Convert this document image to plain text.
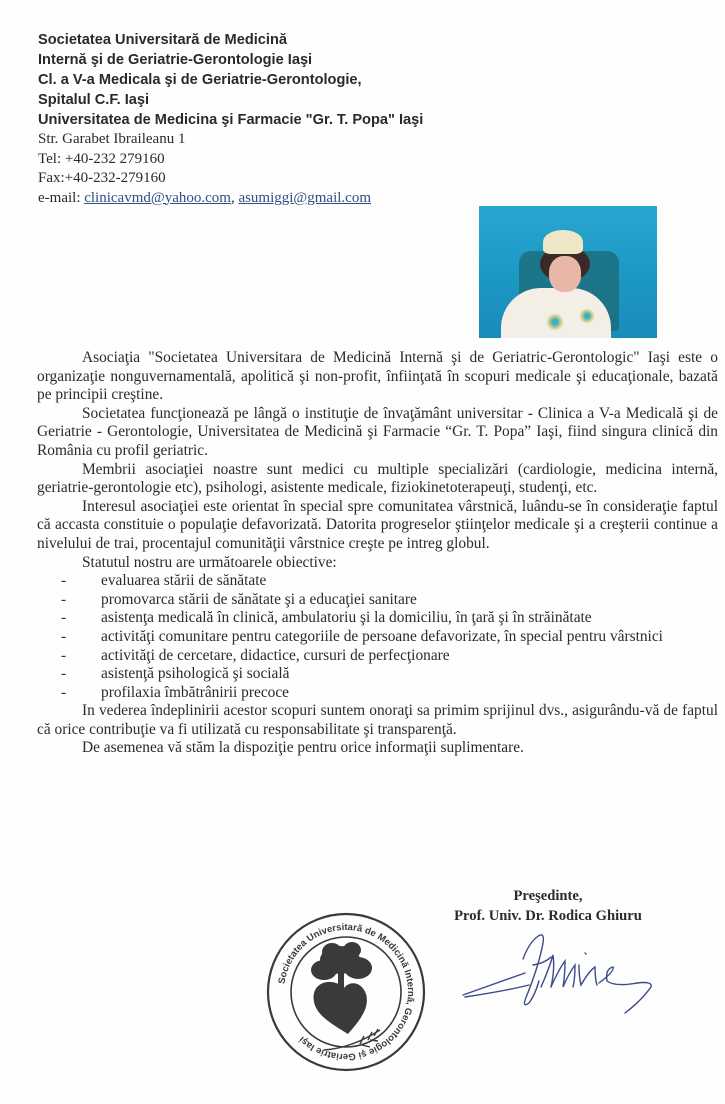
Societatea Universitară de Medicină
Internă şi de Geriatrie-Gerontologie Iaşi
Cl. a V-a Medicala şi de Geriatrie-Gerontologie,
Spitalul C.F. Iaşi
Universitatea de Medicina şi Farmacie "Gr. T. Popa" Iaşi
Str. Garabet Ibraileanu 1
Tel: +40-232 279160
Fax:+40-232-279160
e-mail: clinicavmd@yahoo.com, asumiggi@gmail.com

Asociaţia "Societatea Universitara de Medicină Internă şi de Geriatric-Gerontologic" Iaşi este o organizaţie nonguvernamentală, apolitică şi non-profit, înfiinţată în scopuri medicale şi educaţionale, bazată pe principii creştine.

Societatea funcţionează pe lângă o instituţie de învaţământ universitar - Clinica a V-a Medicală şi de Geriatrie - Gerontologie, Universitatea de Medicină şi Farmacie “Gr. T. Popa” Iaşi, fiind singura clinică din România cu profil geriatric.

Membrii asociaţiei noastre sunt medici cu multiple specializări (cardiologie, medicina internă, geriatrie-gerontologie etc), psihologi, asistente medicale, fiziokinetoterapeuţi, studenţi, etc.

Interesul asociaţiei este orientat în special spre comunitatea vârstnică, luându-se în consideraţie faptul că accasta constituie o populaţie defavorizată. Datorita progreselor ştiinţelor medicale şi a creşterii continue a nivelului de trai, procentajul comunităţii vârstnice creşte pe intreg globul.

Statutul nostru are următoarele obiective:

- evaluarea stării de sănătate
- promovarca stării de sănătate şi a educaţiei sanitare
- asistenţa medicală în clinică, ambulatoriu şi la domiciliu, în ţară şi în străinătate
- activităţi comunitare pentru categoriile de persoane defavorizate, în special pentru vârstnici
- activităţi de cercetare, didactice, cursuri de perfecţionare
- asistenţă psihologică şi socială
- profilaxia îmbătrânirii precoce

In vederea îndeplinirii acestor scopuri suntem onoraţi sa primim sprijinul dvs., asigurându-vă de faptul că orice contribuţie va fi utilizată cu responsabilitate şi transparenţă.

De asemenea vă stăm la dispoziţie pentru orice informaţii suplimentare.

Preşedinte,
Prof. Univ. Dr. Rodica Ghiuru
Societatea Universitară de Medicină Internă, Gerontologie şi Geriatrie Iaşi
